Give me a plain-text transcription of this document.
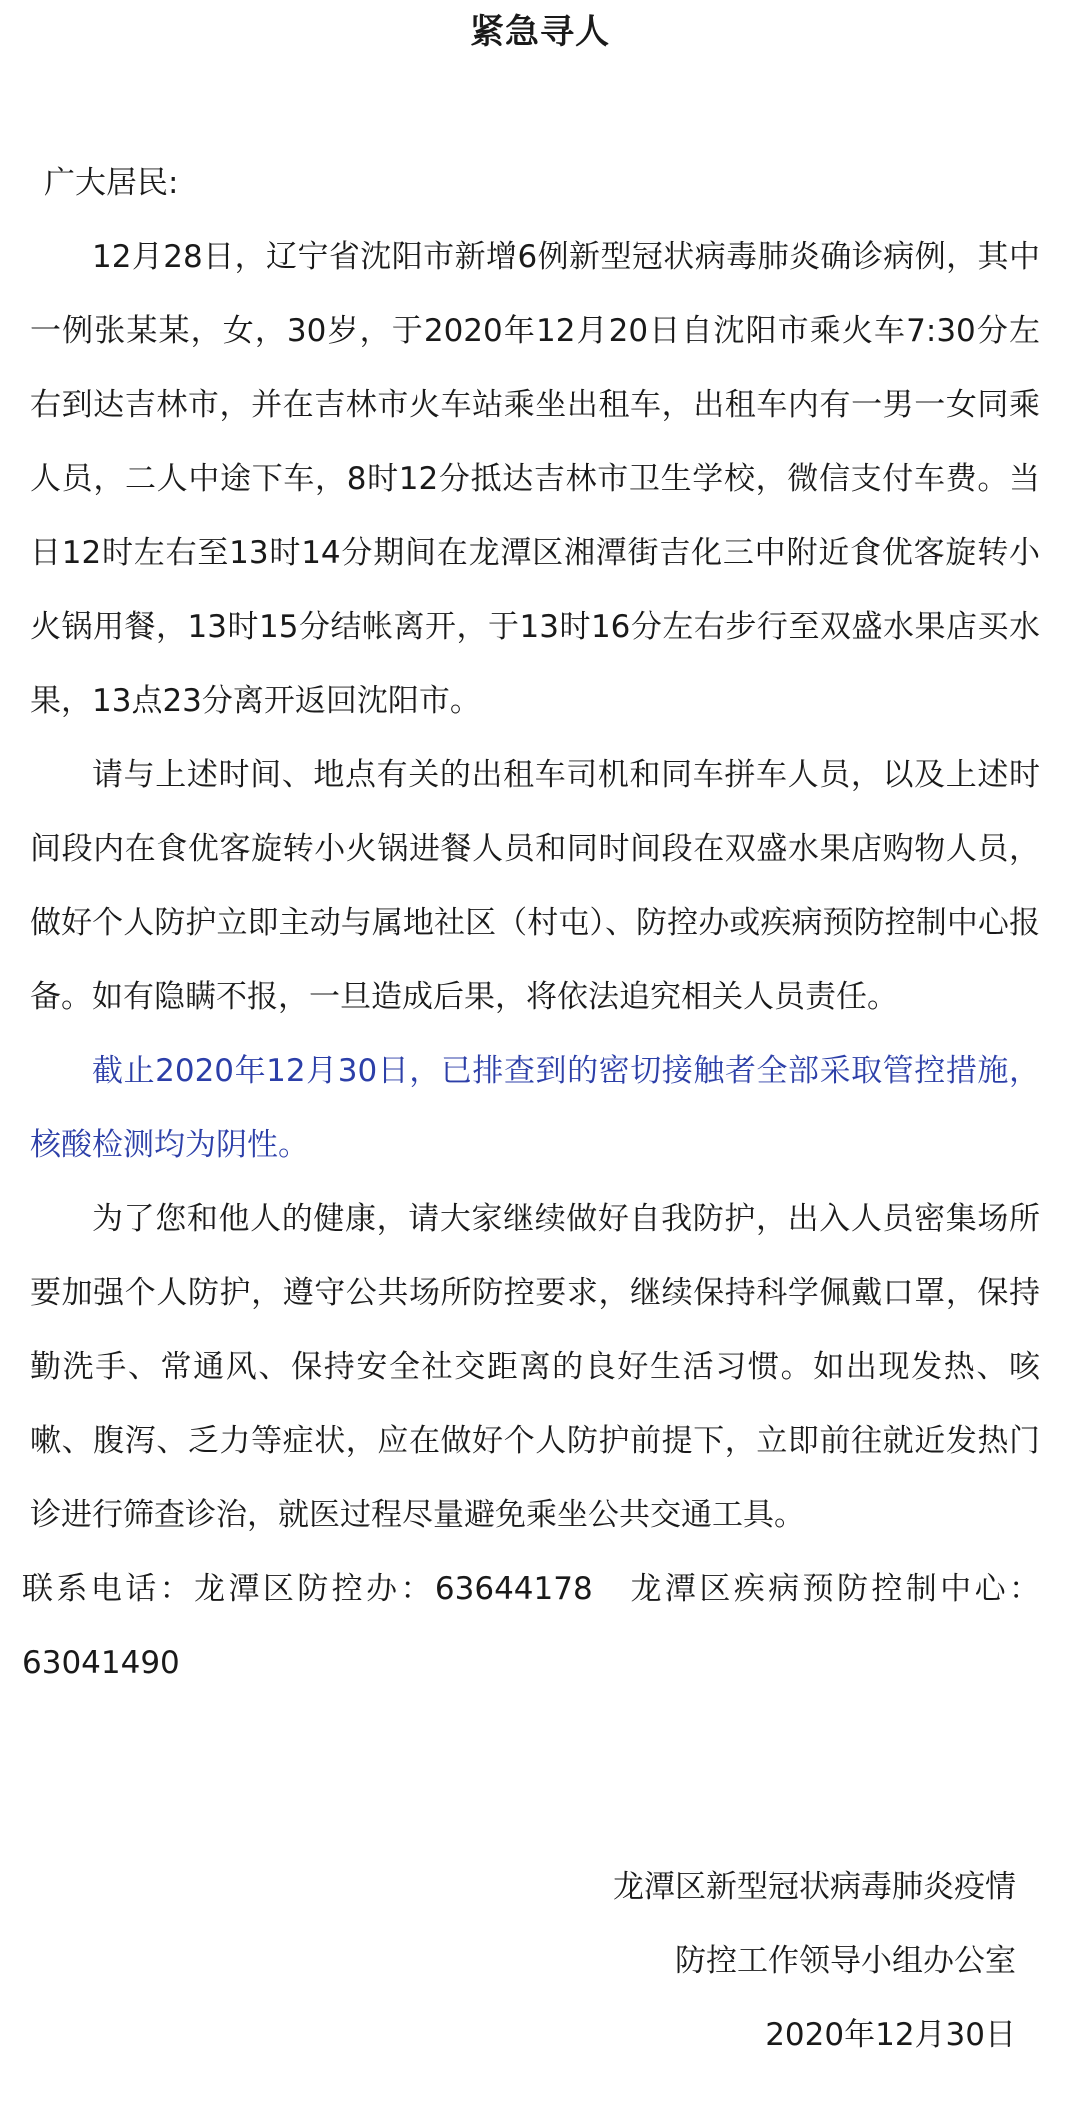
紧急寻人

广大居民:

12月28日，辽宁省沈阳市新增6例新型冠状病毒肺炎确诊病例，其中一例张某某，女，30岁，于2020年12月20日自沈阳市乘火车7:30分左右到达吉林市，并在吉林市火车站乘坐出租车，出租车内有一男一女同乘人员，二人中途下车，8时12分抵达吉林市卫生学校，微信支付车费。当日12时左右至13时14分期间在龙潭区湘潭街吉化三中附近食优客旋转小火锅用餐，13时15分结帐离开，于13时16分左右步行至双盛水果店买水果，13点23分离开返回沈阳市。

请与上述时间、地点有关的出租车司机和同车拼车人员，以及上述时间段内在食优客旋转小火锅进餐人员和同时间段在双盛水果店购物人员，做好个人防护立即主动与属地社区（村屯）、防控办或疾病预防控制中心报备。如有隐瞒不报，一旦造成后果，将依法追究相关人员责任。

截止2020年12月30日，已排查到的密切接触者全部采取管控措施，核酸检测均为阴性。

为了您和他人的健康，请大家继续做好自我防护，出入人员密集场所要加强个人防护，遵守公共场所防控要求，继续保持科学佩戴口罩，保持勤洗手、常通风、保持安全社交距离的良好生活习惯。如出现发热、咳嗽、腹泻、乏力等症状，应在做好个人防护前提下，立即前往就近发热门诊进行筛查诊治，就医过程尽量避免乘坐公共交通工具。

联系电话：龙潭区防控办：63644178　龙潭区疾病预防控制中心：63041490

龙潭区新型冠状病毒肺炎疫情
防控工作领导小组办公室
2020年12月30日
